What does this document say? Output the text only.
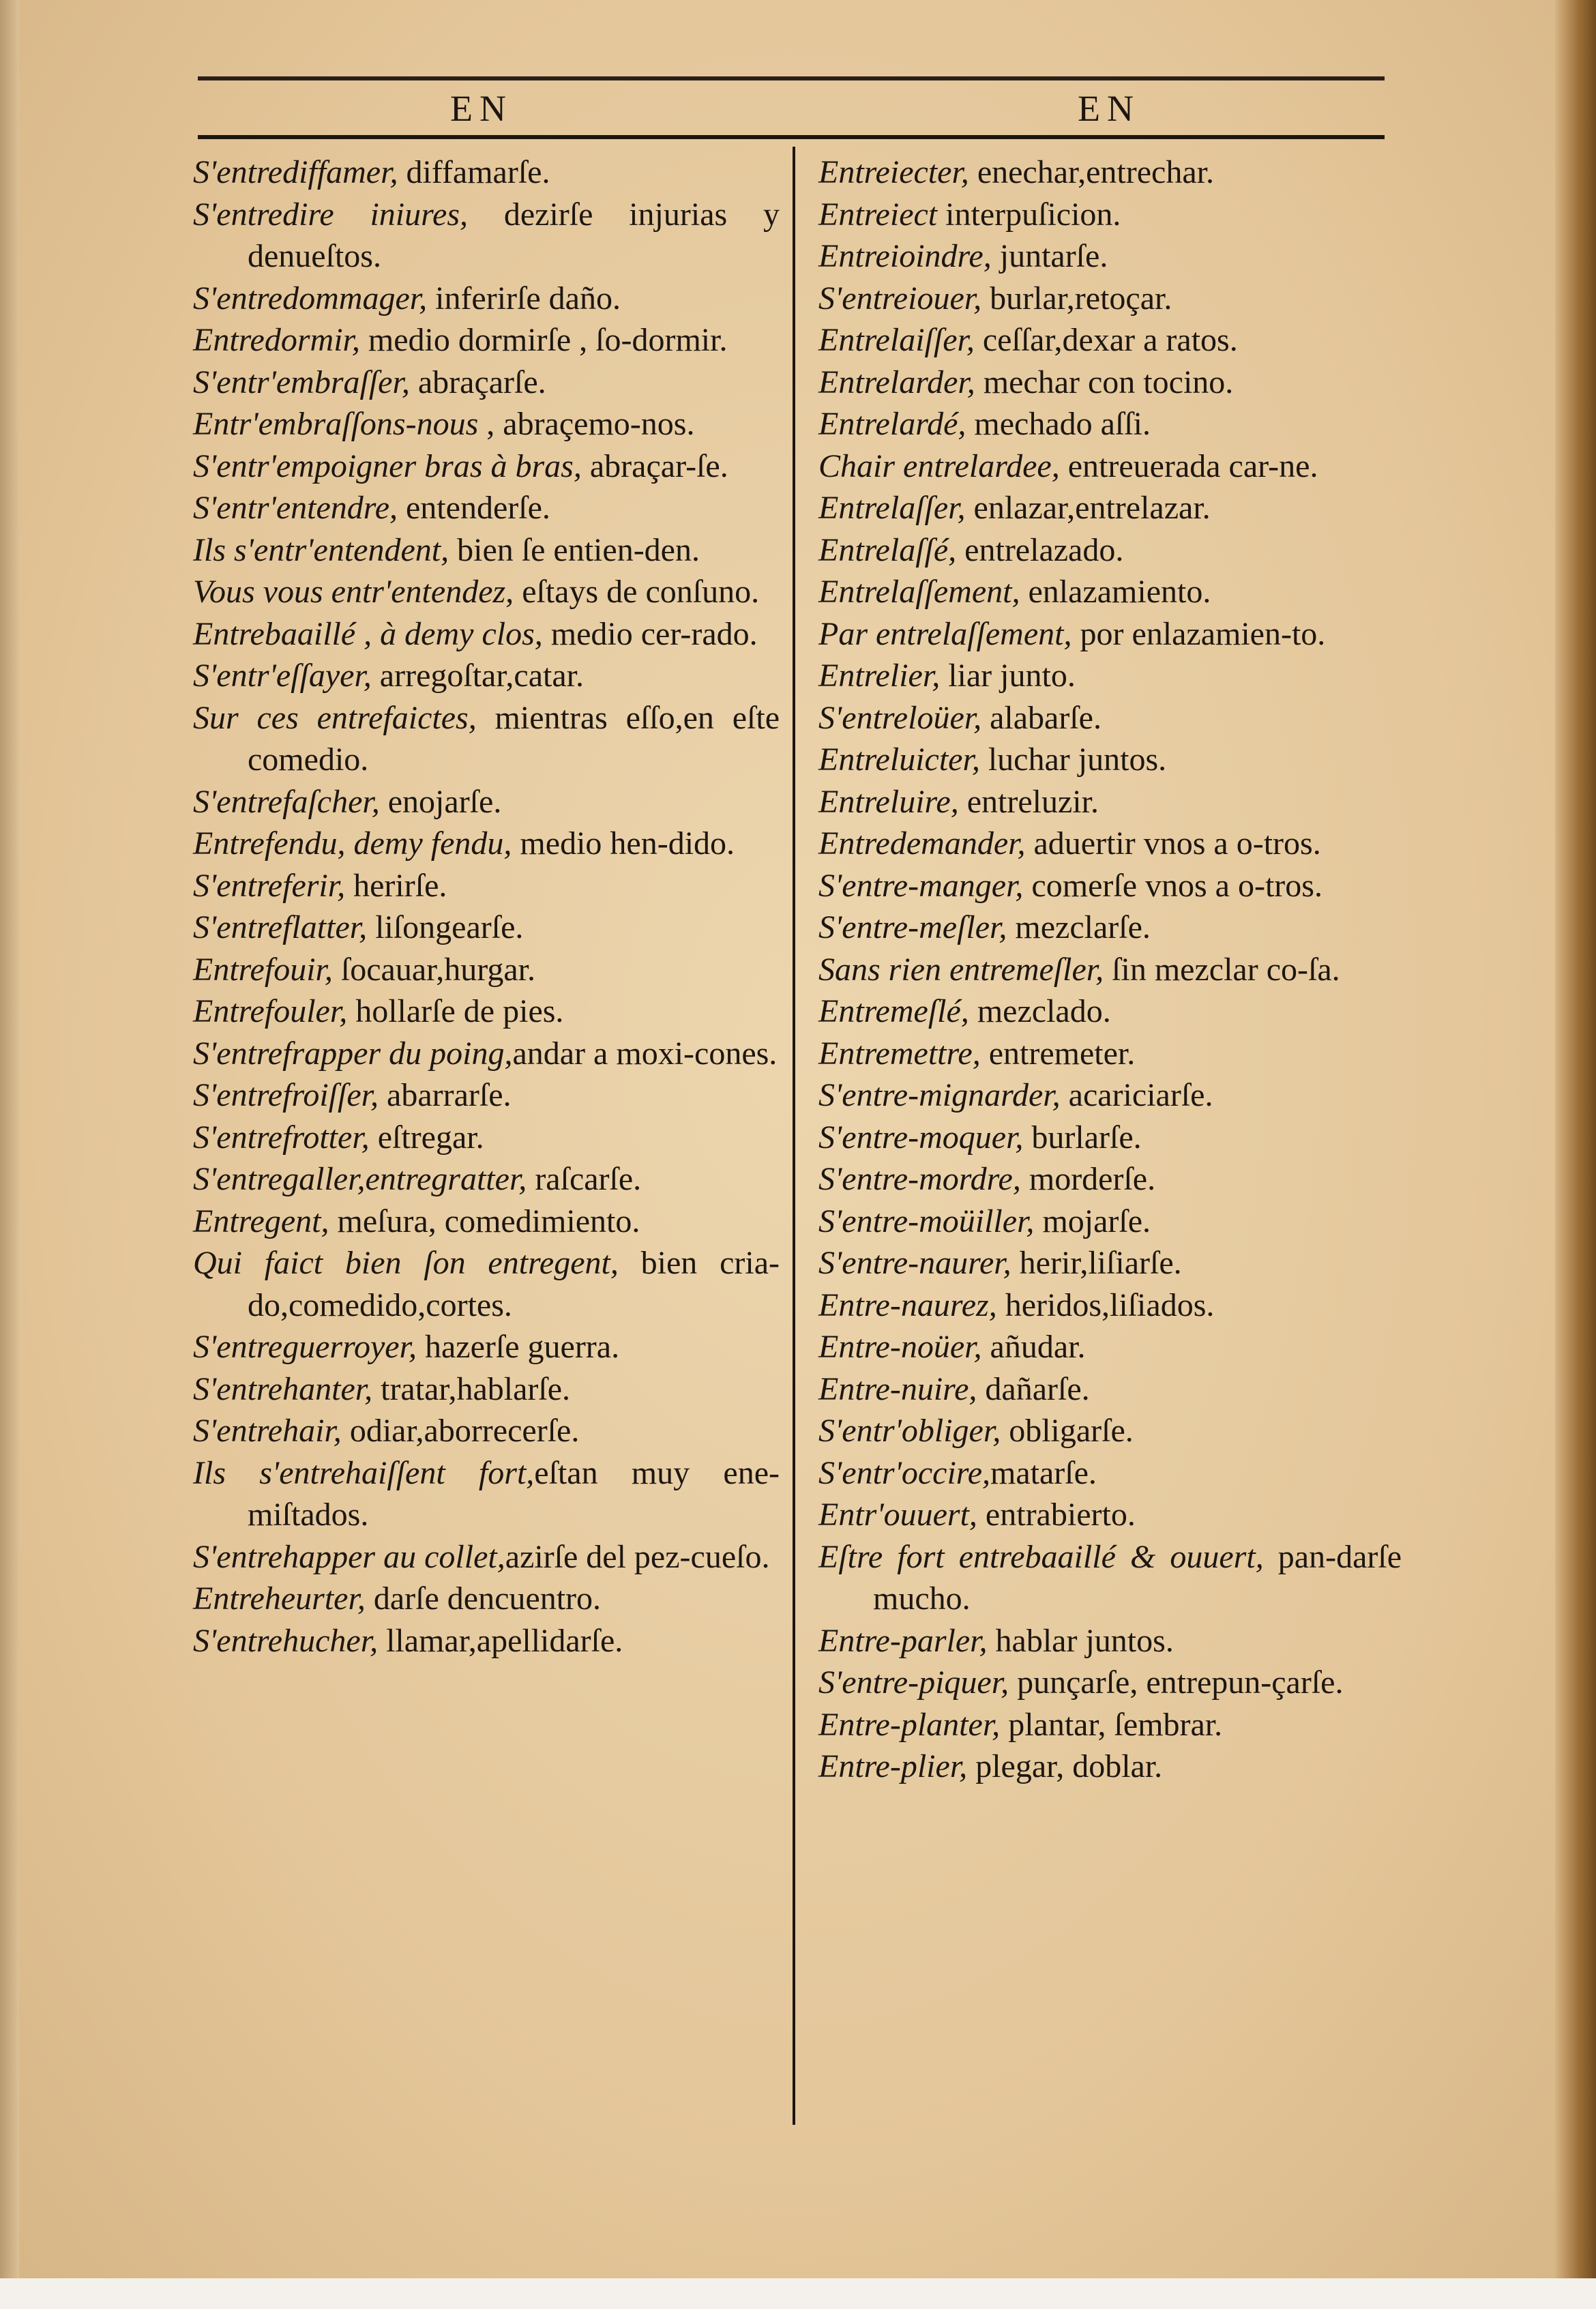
EN	EN
S'entrediffamer, diffamarſe.
S'entredire iniures, dezirſe injurias y denueſtos.
S'entredommager, inferirſe daño.
Entredormir, medio dormirſe , ſo-dormir.
S'entr'embraſſer, abraçarſe.
Entr'embraſſons-nous , abraçemo-nos.
S'entr'empoigner bras à bras, abraçar-ſe.
S'entr'entendre, entenderſe.
Ils s'entr'entendent, bien ſe entien-den.
Vous vous entr'entendez, eſtays de conſuno.
Entrebaaillé , à demy clos, medio cer-rado.
S'entr'eſſayer, arregoſtar,catar.
Sur ces entrefaictes, mientras eſſo,en eſte comedio.
S'entrefaſcher, enojarſe.
Entrefendu, demy fendu, medio hen-dido.
S'entreferir, herirſe.
S'entreflatter, liſongearſe.
Entrefouir, ſocauar,hurgar.
Entrefouler, hollarſe de pies.
S'entrefrapper du poing,andar a moxi-cones.
S'entrefroiſſer, abarrarſe.
S'entrefrotter, eſtregar.
S'entregaller,entregratter, raſcarſe.
Entregent, meſura, comedimiento.
Qui faict bien ſon entregent, bien cria-do,comedido,cortes.
S'entreguerroyer, hazerſe guerra.
S'entrehanter, tratar,hablarſe.
S'entrehair, odiar,aborrecerſe.
Ils s'entrehaiſſent fort,eſtan muy ene-miſtados.
S'entrehapper au collet,azirſe del pez-cueſo.
Entreheurter, darſe dencuentro.
S'entrehucher, llamar,apellidarſe.
Entreiecter, enechar,entrechar.
Entreiect interpuſicion.
Entreioindre, juntarſe.
S'entreiouer, burlar,retoçar.
Entrelaiſſer, ceſſar,dexar a ratos.
Entrelarder, mechar con tocino.
Entrelardé, mechado aſſi.
Chair entrelardee, entreuerada car-ne.
Entrelaſſer, enlazar,entrelazar.
Entrelaſſé, entrelazado.
Entrelaſſement, enlazamiento.
Par entrelaſſement, por enlazamien-to.
Entrelier, liar junto.
S'entreloüer, alabarſe.
Entreluicter, luchar juntos.
Entreluire, entreluzir.
Entredemander, aduertir vnos a o-tros.
S'entre-manger, comerſe vnos a o-tros.
S'entre-meſler, mezclarſe.
Sans rien entremeſler, ſin mezclar co-ſa.
Entremeſlé, mezclado.
Entremettre, entremeter.
S'entre-mignarder, acariciarſe.
S'entre-moquer, burlarſe.
S'entre-mordre, morderſe.
S'entre-moüiller, mojarſe.
S'entre-naurer, herir,liſiarſe.
Entre-naurez, heridos,liſiados.
Entre-noüer, añudar.
Entre-nuire, dañarſe.
S'entr'obliger, obligarſe.
S'entr'occire,matarſe.
Entr'ouuert, entrabierto.
Eſtre fort entrebaaillé & ouuert, pan-darſe mucho.
Entre-parler, hablar juntos.
S'entre-piquer, punçarſe, entrepun-çarſe.
Entre-planter, plantar, ſembrar.
Entre-plier, plegar, doblar.
